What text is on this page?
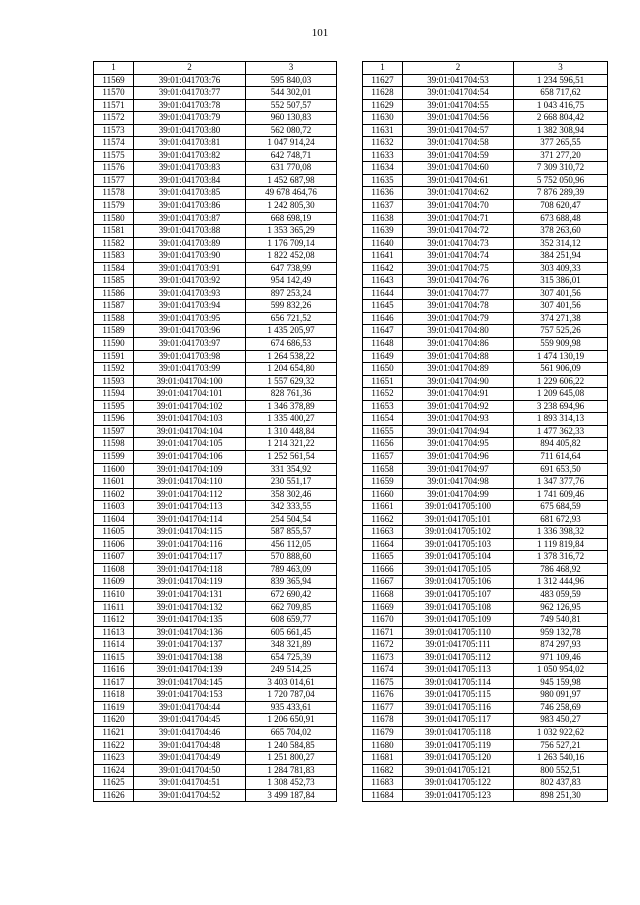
101
1	2	3
11569	39:01:041703:76	595 840,03
11570	39:01:041703:77	544 302,01
11571	39:01:041703:78	552 507,57
11572	39:01:041703:79	960 130,83
11573	39:01:041703:80	562 080,72
11574	39:01:041703:81	1 047 914,24
11575	39:01:041703:82	642 748,71
11576	39:01:041703:83	631 770,08
11577	39:01:041703:84	1 452 687,98
11578	39:01:041703:85	49 678 464,76
11579	39:01:041703:86	1 242 805,30
11580	39:01:041703:87	668 698,19
11581	39:01:041703:88	1 353 365,29
11582	39:01:041703:89	1 176 709,14
11583	39:01:041703:90	1 822 452,08
11584	39:01:041703:91	647 738,99
11585	39:01:041703:92	954 142,49
11586	39:01:041703:93	897 253,24
11587	39:01:041703:94	599 832,26
11588	39:01:041703:95	656 721,52
11589	39:01:041703:96	1 435 205,97
11590	39:01:041703:97	674 686,53
11591	39:01:041703:98	1 264 538,22
11592	39:01:041703:99	1 204 654,80
11593	39:01:041704:100	1 557 629,32
11594	39:01:041704:101	828 761,36
11595	39:01:041704:102	1 346 378,89
11596	39:01:041704:103	1 335 400,27
11597	39:01:041704:104	1 310 448,84
11598	39:01:041704:105	1 214 321,22
11599	39:01:041704:106	1 252 561,54
11600	39:01:041704:109	331 354,92
11601	39:01:041704:110	230 551,17
11602	39:01:041704:112	358 302,46
11603	39:01:041704:113	342 333,55
11604	39:01:041704:114	254 504,54
11605	39:01:041704:115	587 855,57
11606	39:01:041704:116	456 112,05
11607	39:01:041704:117	570 888,60
11608	39:01:041704:118	789 463,09
11609	39:01:041704:119	839 365,94
11610	39:01:041704:131	672 690,42
11611	39:01:041704:132	662 709,85
11612	39:01:041704:135	608 659,77
11613	39:01:041704:136	605 661,45
11614	39:01:041704:137	348 321,89
11615	39:01:041704:138	654 725,39
11616	39:01:041704:139	249 514,25
11617	39:01:041704:145	3 403 014,61
11618	39:01:041704:153	1 720 787,04
11619	39:01:041704:44	935 433,61
11620	39:01:041704:45	1 206 650,91
11621	39:01:041704:46	665 704,02
11622	39:01:041704:48	1 240 584,85
11623	39:01:041704:49	1 251 800,27
11624	39:01:041704:50	1 284 781,83
11625	39:01:041704:51	1 308 452,73
11626	39:01:041704:52	3 499 187,84
1	2	3
11627	39:01:041704:53	1 234 596,51
11628	39:01:041704:54	658 717,62
11629	39:01:041704:55	1 043 416,75
11630	39:01:041704:56	2 668 804,42
11631	39:01:041704:57	1 382 308,94
11632	39:01:041704:58	377 265,55
11633	39:01:041704:59	371 277,20
11634	39:01:041704:60	7 309 310,72
11635	39:01:041704:61	5 752 050,96
11636	39:01:041704:62	7 876 289,39
11637	39:01:041704:70	708 620,47
11638	39:01:041704:71	673 688,48
11639	39:01:041704:72	378 263,60
11640	39:01:041704:73	352 314,12
11641	39:01:041704:74	384 251,94
11642	39:01:041704:75	303 409,33
11643	39:01:041704:76	315 386,01
11644	39:01:041704:77	307 401,56
11645	39:01:041704:78	307 401,56
11646	39:01:041704:79	374 271,38
11647	39:01:041704:80	757 525,26
11648	39:01:041704:86	559 909,98
11649	39:01:041704:88	1 474 130,19
11650	39:01:041704:89	561 906,09
11651	39:01:041704:90	1 229 606,22
11652	39:01:041704:91	1 209 645,08
11653	39:01:041704:92	3 238 694,96
11654	39:01:041704:93	1 893 314,13
11655	39:01:041704:94	1 477 362,33
11656	39:01:041704:95	894 405,82
11657	39:01:041704:96	711 614,64
11658	39:01:041704:97	691 653,50
11659	39:01:041704:98	1 347 377,76
11660	39:01:041704:99	1 741 609,46
11661	39:01:041705:100	675 684,59
11662	39:01:041705:101	681 672,93
11663	39:01:041705:102	1 336 398,32
11664	39:01:041705:103	1 119 819,84
11665	39:01:041705:104	1 378 316,72
11666	39:01:041705:105	786 468,92
11667	39:01:041705:106	1 312 444,96
11668	39:01:041705:107	483 059,59
11669	39:01:041705:108	962 126,95
11670	39:01:041705:109	749 540,81
11671	39:01:041705:110	959 132,78
11672	39:01:041705:111	874 297,93
11673	39:01:041705:112	971 109,46
11674	39:01:041705:113	1 050 954,02
11675	39:01:041705:114	945 159,98
11676	39:01:041705:115	980 091,97
11677	39:01:041705:116	746 258,69
11678	39:01:041705:117	983 450,27
11679	39:01:041705:118	1 032 922,62
11680	39:01:041705:119	756 527,21
11681	39:01:041705:120	1 263 540,16
11682	39:01:041705:121	800 552,51
11683	39:01:041705:122	802 437,83
11684	39:01:041705:123	898 251,30
